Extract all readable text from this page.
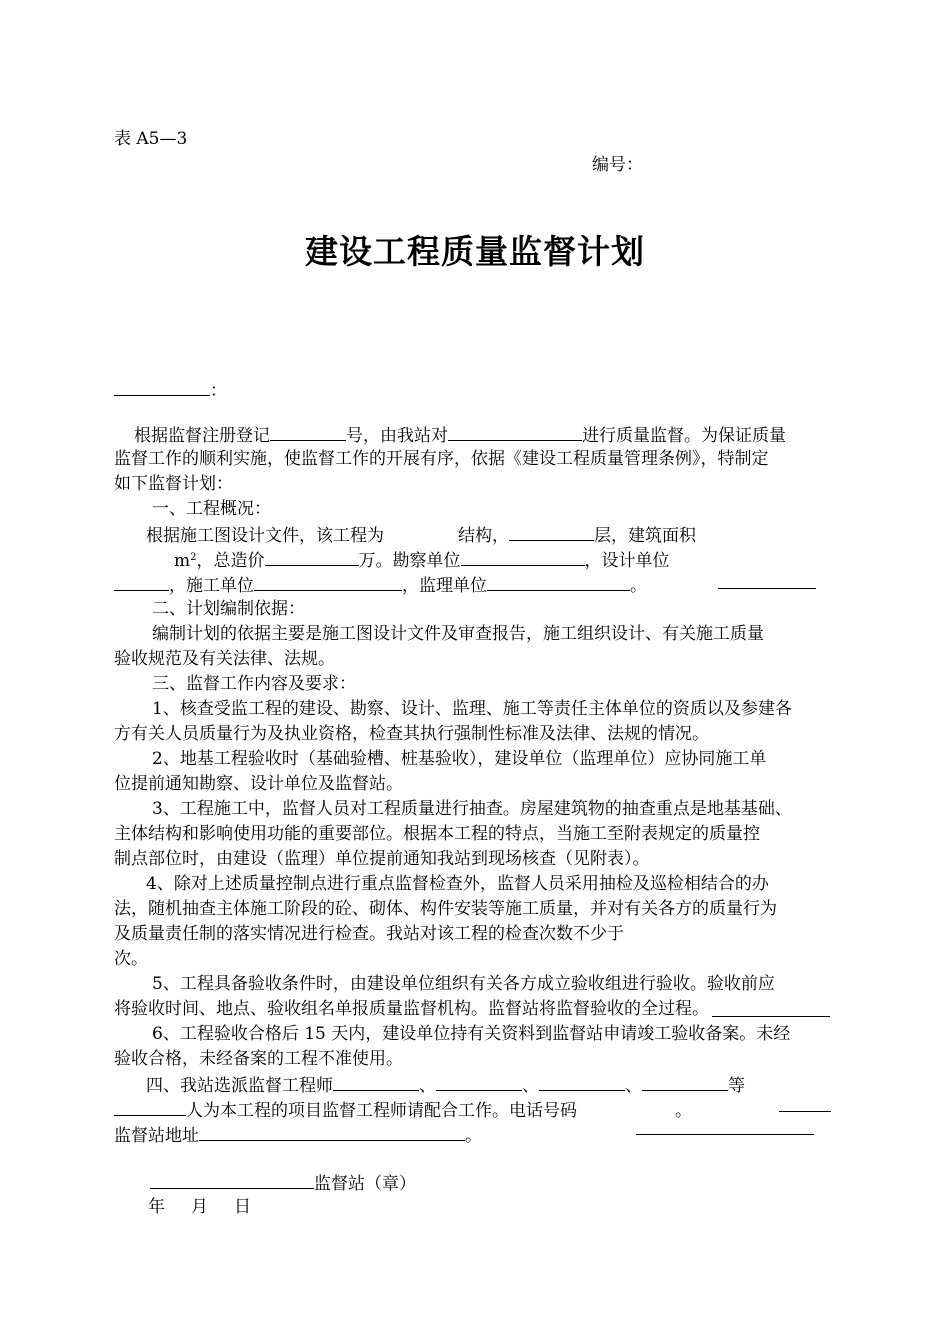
表 A5—3
编号：
建设工程质量监督计划
：
根据监督注册登记	号，由我站对	进行质量监督。为保证质量
监督工作的顺利实施，使监督工作的开展有序，依据《建设工程质量管理条例》，特制定
如下监督计划：
一、工程概况：
根据施工图设计文件，该工程为	结构，	层，建筑面积
$m^2$，总造价	万。勘察单位	，设计单位
，施工单位	，监理单位	。
二、计划编制依据：
编制计划的依据主要是施工图设计文件及审查报告，施工组织设计、有关施工质量
验收规范及有关法律、法规。
三、监督工作内容及要求：
1、核查受监工程的建设、勘察、设计、监理、施工等责任主体单位的资质以及参建各
方有关人员质量行为及执业资格，检查其执行强制性标准及法律、法规的情况。
2、地基工程验收时（基础验槽、桩基验收），建设单位（监理单位）应协同施工单
位提前通知勘察、设计单位及监督站。
3、工程施工中，监督人员对工程质量进行抽查。房屋建筑物的抽查重点是地基基础、
主体结构和影响使用功能的重要部位。根据本工程的特点，当施工至附表规定的质量控
制点部位时，由建设（监理）单位提前通知我站到现场核查（见附表）。
4、除对上述质量控制点进行重点监督检查外，监督人员采用抽检及巡检相结合的办
法，随机抽查主体施工阶段的砼、砌体、构件安装等施工质量，并对有关各方的质量行为
及质量责任制的落实情况进行检查。我站对该工程的检查次数不少于
次。
5、工程具备验收条件时，由建设单位组织有关各方成立验收组进行验收。验收前应
将验收时间、地点、验收组名单报质量监督机构。监督站将监督验收的全过程。
6、工程验收合格后 15 天内，建设单位持有关资料到监督站申请竣工验收备案。未经
验收合格，未经备案的工程不准使用。
四、我站选派监督工程师	、	、	、	等
人为本工程的项目监督工程师请配合工作。电话号码	。
监督站地址	。
监督站（章）
年 月 日
